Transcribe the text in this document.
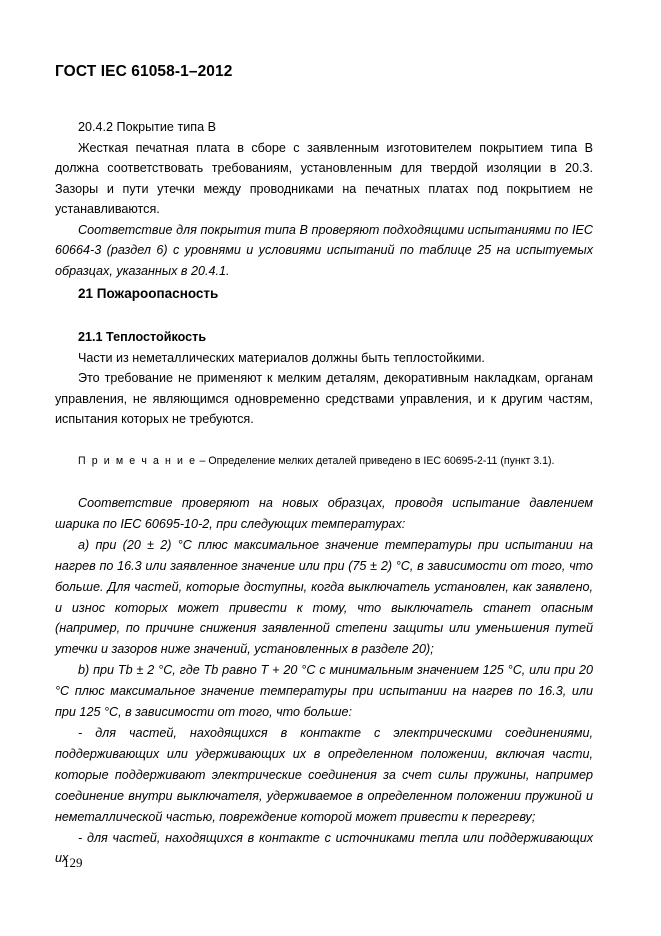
ГОСТ IEC 61058-1–2012

20.4.2 Покрытие типа В

Жесткая печатная плата в сборе с заявленным изготовителем покрытием типа В должна соответствовать требованиям, установленным для твердой изоляции в 20.3. Зазоры и пути утечки между проводниками на печатных платах под покрытием не устанавливаются.

Соответствие для покрытия типа В проверяют подходящими испытаниями по IEC 60664-3 (раздел 6) с уровнями и условиями испытаний по таблице 25 на испытуемых образцах, указанных в 20.4.1.

21 Пожароопасность

21.1 Теплостойкость

Части из неметаллических материалов должны быть теплостойкими.

Это требование не применяют к мелким деталям, декоративным накладкам, органам управления, не являющимся одновременно средствами управления, и к другим частям, испытания которых не требуются.

П р и м е ч а н и е – Определение мелких деталей приведено в IEC 60695-2-11 (пункт 3.1).

Соответствие проверяют на новых образцах, проводя испытание давлением шарика по IEC 60695-10-2, при следующих температурах:

a) при (20 ± 2) °С плюс максимальное значение температуры при испытании на нагрев по 16.3 или заявленное значение или при (75 ± 2) °С, в зависимости от того, что больше. Для частей, которые доступны, когда выключатель установлен, как заявлено, и износ которых может привести к тому, что выключатель станет опасным (например, по причине снижения заявленной степени защиты или уменьшения путей утечки и зазоров ниже значений, установленных в разделе 20);

b) при Tb ± 2 °C, где Tb равно T + 20 °C с минимальным значением 125 °С, или при 20 °С плюс максимальное значение температуры при испытании на нагрев по 16.3, или при 125 °С, в зависимости от того, что больше:

- для частей, находящихся в контакте с электрическими соединениями, поддерживающих или удерживающих их в определенном положении, включая части, которые поддерживают электрические соединения за счет силы пружины, например соединение внутри выключателя, удерживаемое в определенном положении пружиной и неметаллической частью, повреждение которой может привести к перегреву;

- для частей, находящихся в контакте с источниками тепла или поддерживающих их

129
